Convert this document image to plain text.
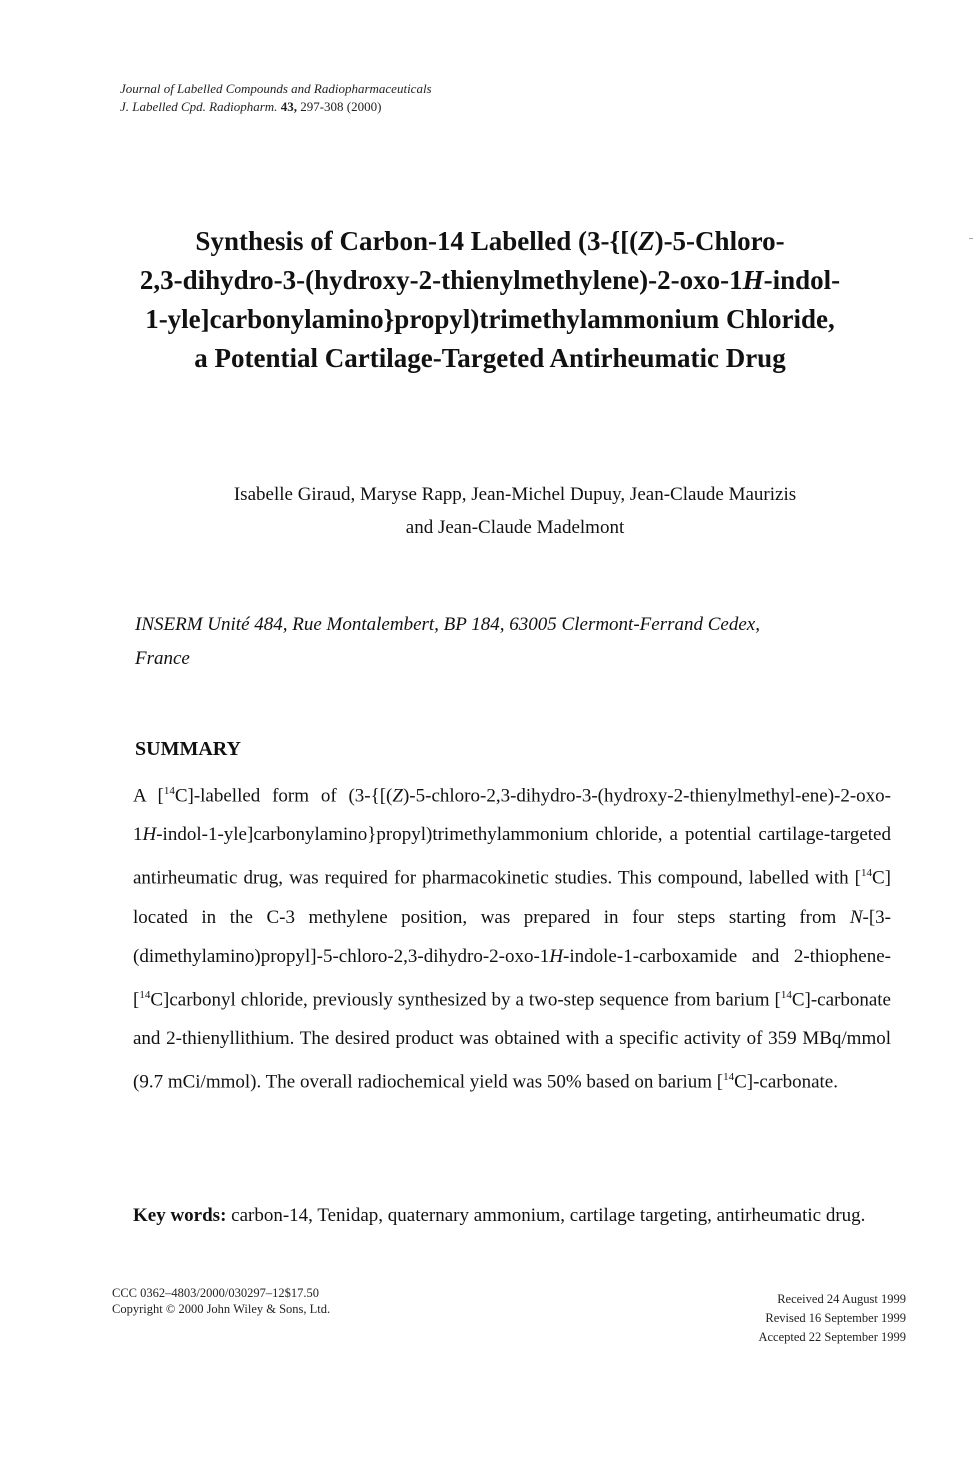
Journal of Labelled Compounds and Radiopharmaceuticals
J. Labelled Cpd. Radiopharm. 43, 297-308 (2000)
Synthesis of Carbon-14 Labelled (3-{[(Z)-5-Chloro-
2,3-dihydro-3-(hydroxy-2-thienylmethylene)-2-oxo-1H-indol-
1-yle]carbonylamino}propyl)trimethylammonium Chloride,
a Potential Cartilage-Targeted Antirheumatic Drug
Isabelle Giraud, Maryse Rapp, Jean-Michel Dupuy, Jean-Claude Maurizis
and Jean-Claude Madelmont
INSERM Unité 484, Rue Montalembert, BP 184, 63005 Clermont-Ferrand Cedex,
France
SUMMARY
A [$^{14}$C]-labelled form of (3-{[(Z)-5-chloro-2,3-dihydro-3-(hydroxy-2-thienylmethyl-ene)-2-oxo-1H-indol-1-yle]carbonylamino}propyl)trimethylammonium chloride, a potential cartilage-targeted antirheumatic drug, was required for pharmacokinetic studies. This compound, labelled with [$^{14}$C] located in the C-3 methylene position, was prepared in four steps starting from N-[3-(dimethylamino)propyl]-5-chloro-2,3-dihydro-2-oxo-1H-indole-1-carboxamide and 2-thiophene-[$^{14}$C]carbonyl chloride, previously synthesized by a two-step sequence from barium [$^{14}$C]-carbonate and 2-thienyllithium. The desired product was obtained with a specific activity of 359 MBq/mmol (9.7 mCi/mmol). The overall radiochemical yield was 50% based on barium [$^{14}$C]-carbonate.
Key words: carbon-14, Tenidap, quaternary ammonium, cartilage targeting, antirheumatic drug.
CCC 0362–4803/2000/030297–12$17.50
Copyright © 2000 John Wiley & Sons, Ltd.
Received 24 August 1999
Revised 16 September 1999
Accepted 22 September 1999
